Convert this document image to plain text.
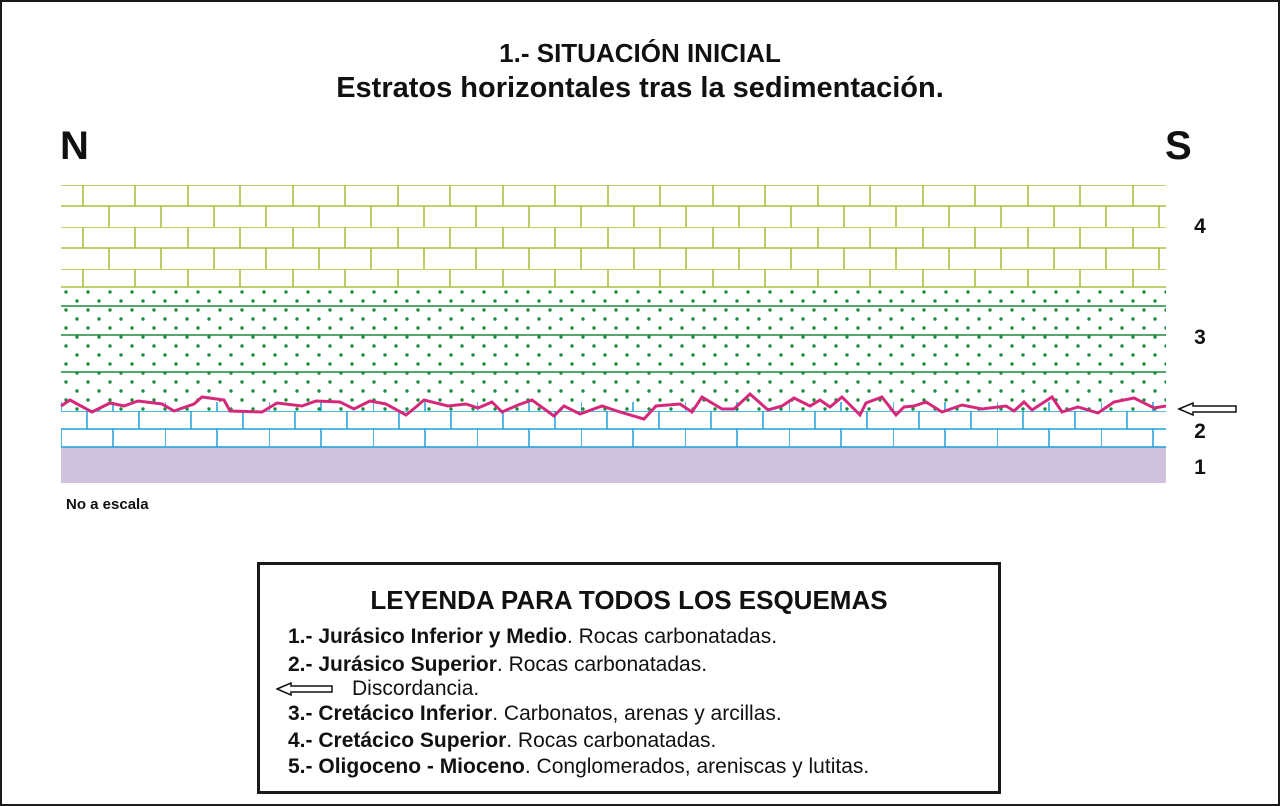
1.- SITUACIÓN INICIAL
Estratos horizontales tras la sedimentación.
N	S
4
3
2
1
No a escala
LEYENDA PARA TODOS LOS ESQUEMAS
1.- Jurásico Inferior y Medio. Rocas carbonatadas.
2.- Jurásico Superior. Rocas carbonatadas.
Discordancia.
3.- Cretácico Inferior. Carbonatos, arenas y arcillas.
4.- Cretácico Superior. Rocas carbonatadas.
5.- Oligoceno - Mioceno. Conglomerados, areniscas y lutitas.
